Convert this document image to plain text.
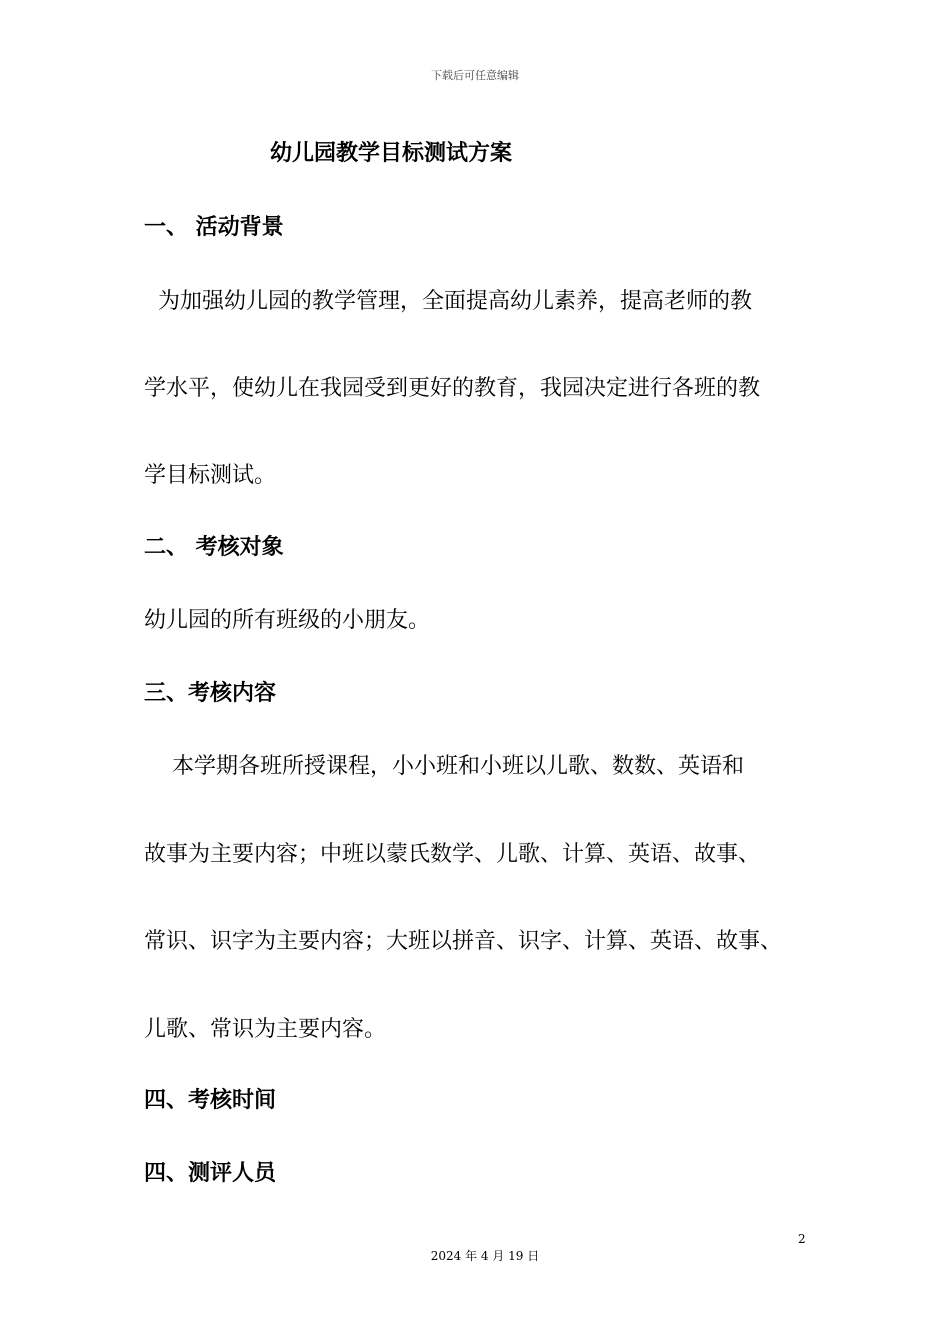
下载后可任意编辑
幼儿园教学目标测试方案
一、 活动背景
为加强幼儿园的教学管理，全面提高幼儿素养，提高老师的教
学水平，使幼儿在我园受到更好的教育，我园决定进行各班的教
学目标测试。
二、 考核对象
幼儿园的所有班级的小朋友。
三、考核内容
本学期各班所授课程，小小班和小班以儿歌、数数、英语和
故事为主要内容；中班以蒙氏数学、儿歌、计算、英语、故事、
常识、识字为主要内容；大班以拼音、识字、计算、英语、故事、
儿歌、常识为主要内容。
四、考核时间
四、测评人员
2
2024 年 4 月 19 日
